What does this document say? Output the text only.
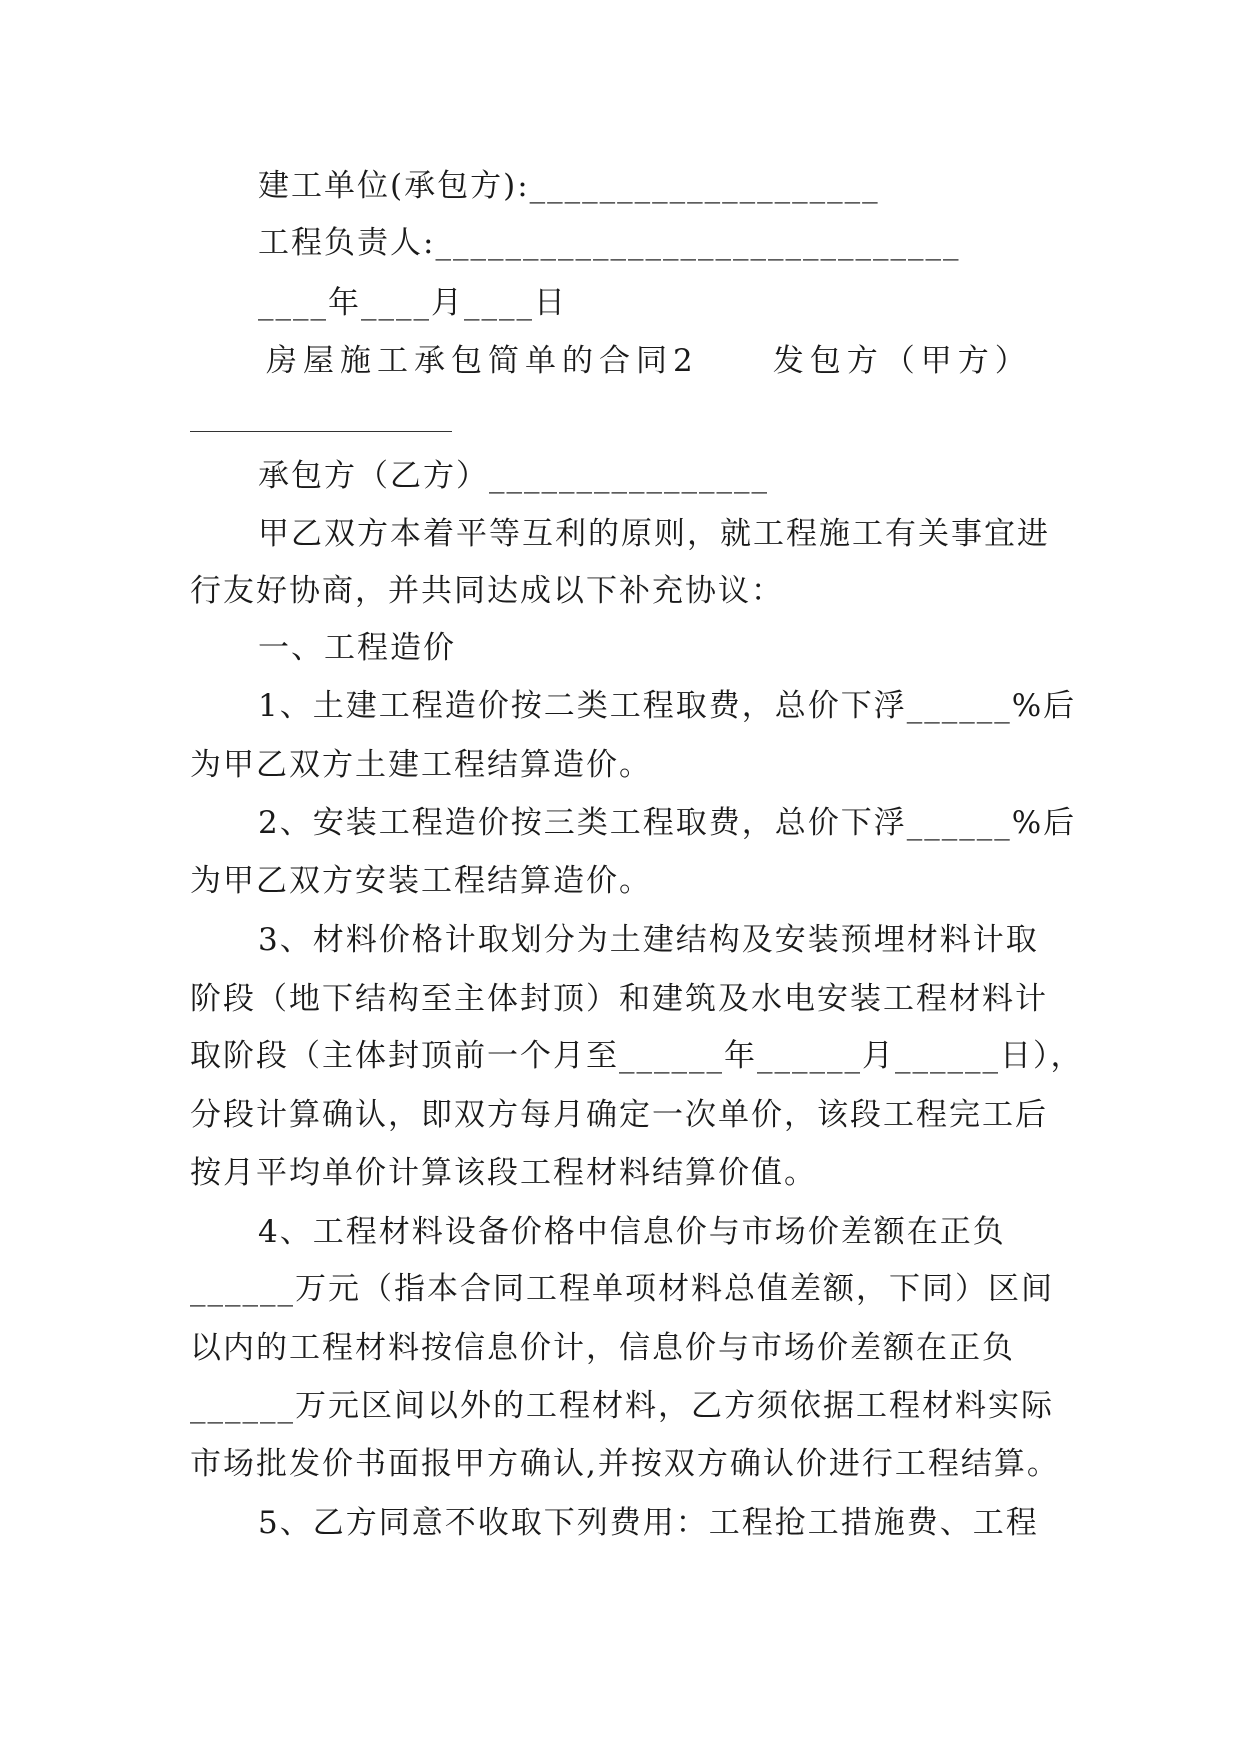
建工单位(承包方):____________________
工程负责人:______________________________
____年____月____日
房屋施工承包简单的合同2　　发包方（甲方）
承包方（乙方）________________
甲乙双方本着平等互利的原则，就工程施工有关事宜进
行友好协商，并共同达成以下补充协议：
一、工程造价
1、土建工程造价按二类工程取费，总价下浮______%后
为甲乙双方土建工程结算造价。
2、安装工程造价按三类工程取费，总价下浮______%后
为甲乙双方安装工程结算造价。
3、材料价格计取划分为土建结构及安装预埋材料计取
阶段（地下结构至主体封顶）和建筑及水电安装工程材料计
取阶段（主体封顶前一个月至______年______月______日），
分段计算确认，即双方每月确定一次单价，该段工程完工后
按月平均单价计算该段工程材料结算价值。
4、工程材料设备价格中信息价与市场价差额在正负
______万元（指本合同工程单项材料总值差额，下同）区间
以内的工程材料按信息价计，信息价与市场价差额在正负
______万元区间以外的工程材料，乙方须依据工程材料实际
市场批发价书面报甲方确认,并按双方确认价进行工程结算。
5、乙方同意不收取下列费用：工程抢工措施费、工程
